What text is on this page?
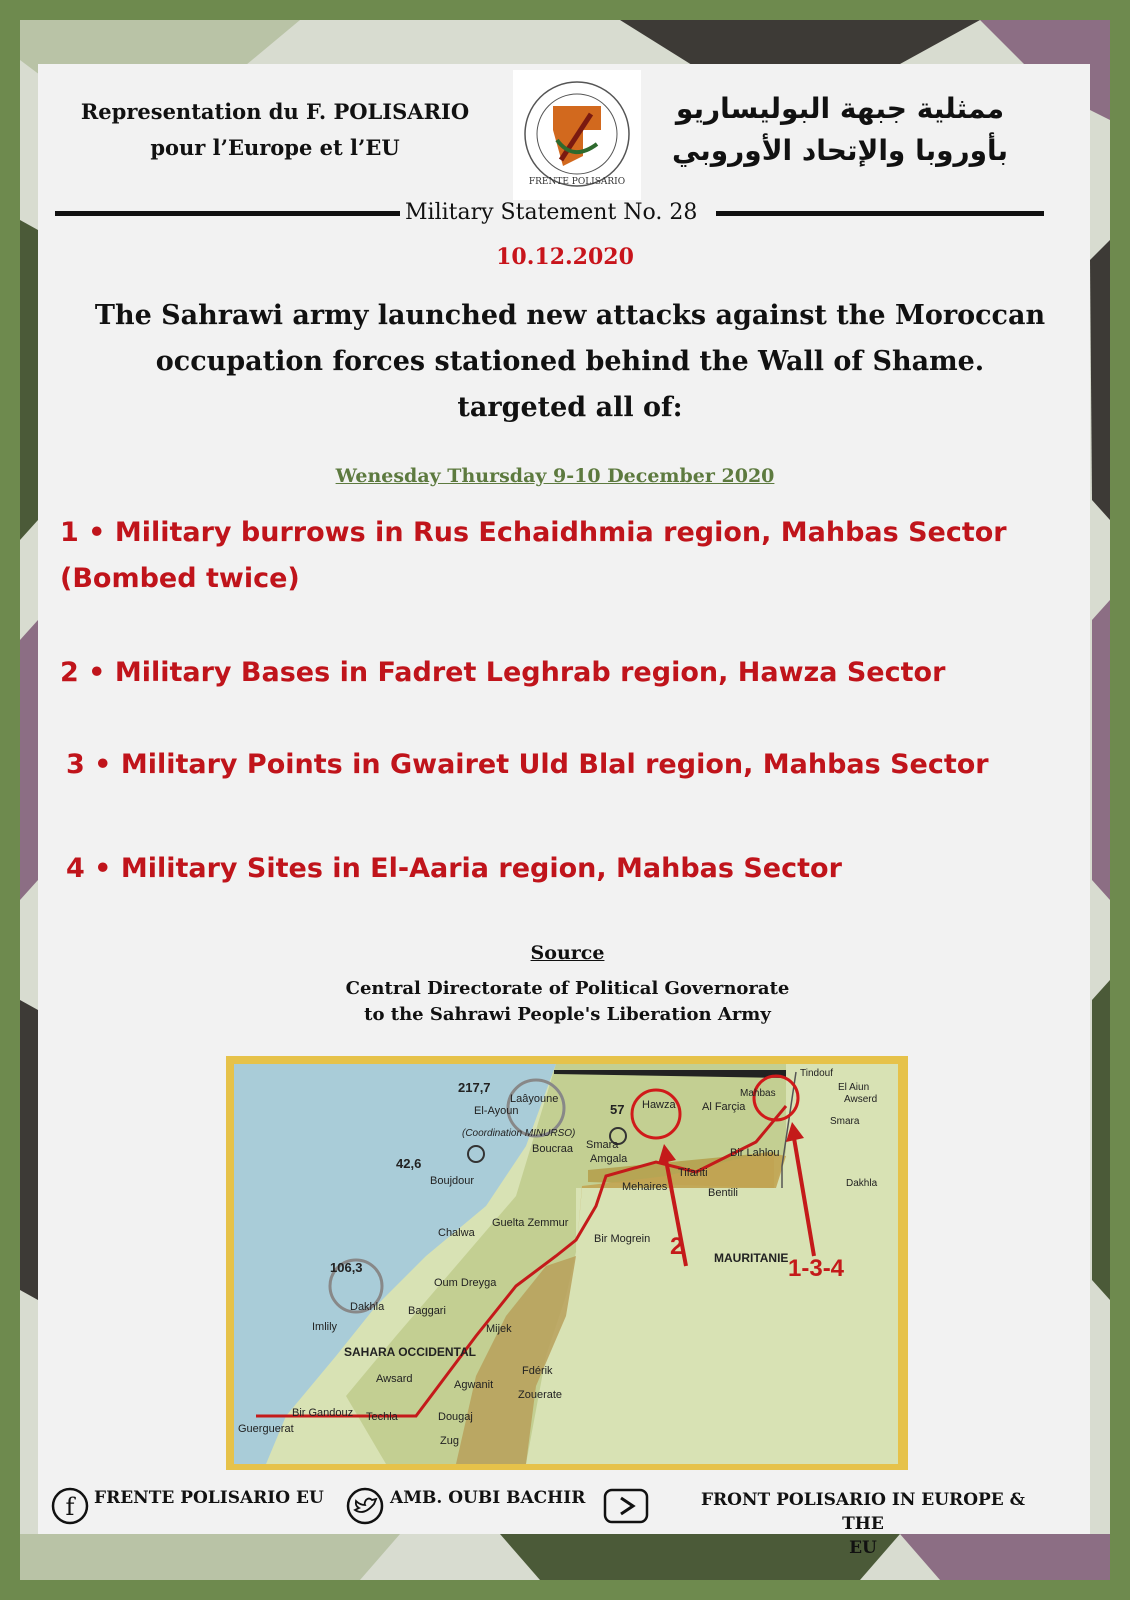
Representation du F. POLISARIO
pour l’Europe et l’EU
FRENTE POLISARIO
ممثلية جبهة البوليساريو
بأوروبا والإتحاد الأوروبي
Military Statement No. 28
10.12.2020
The Sahrawi army launched new attacks against the Moroccan
occupation forces stationed behind the Wall of Shame.
targeted all of:
Wenesday Thursday 9-10 December 2020
1 • Military burrows in Rus Echaidhmia region, Mahbas Sector
(Bombed twice)
2 • Military Bases in Fadret Leghrab region, Hawza Sector
3 • Military Points in Gwairet Uld Blal region, Mahbas Sector
4 • Military Sites in El-Aaria region, Mahbas Sector
Source
Central Directorate of Political Governorate
to the Sahrawi People's Liberation Army
217,7
Laâyoune
El-Ayoun
(Coordination MINURSO)
57 Hawza Al Farçia
Mahbas
Tindouf
El Aiun
Awserd
Smara
Dakhla
Smara
Amgala
Boucraa
Boujdour
42,6
Bir Lahlou
Tifariti
Mehaires	Bentili
Guelta Zemmur
Chalwa	Bir Mogrein
MAURITANIE
106,3
Oum Dreyga
Dakhla Baggari
Imlily	Mijek
SAHARA OCCIDENTAL
Awsard
Fdérik
Agwanit
Zouerate
Bir Gandouz Techla	Dougaj
Guerguerat
Zug
2
1-3-4
f FRENTE POLISARIO EU	AMB. OUBI BACHIR	FRONT POLISARIO IN EUROPE & THE
EU
